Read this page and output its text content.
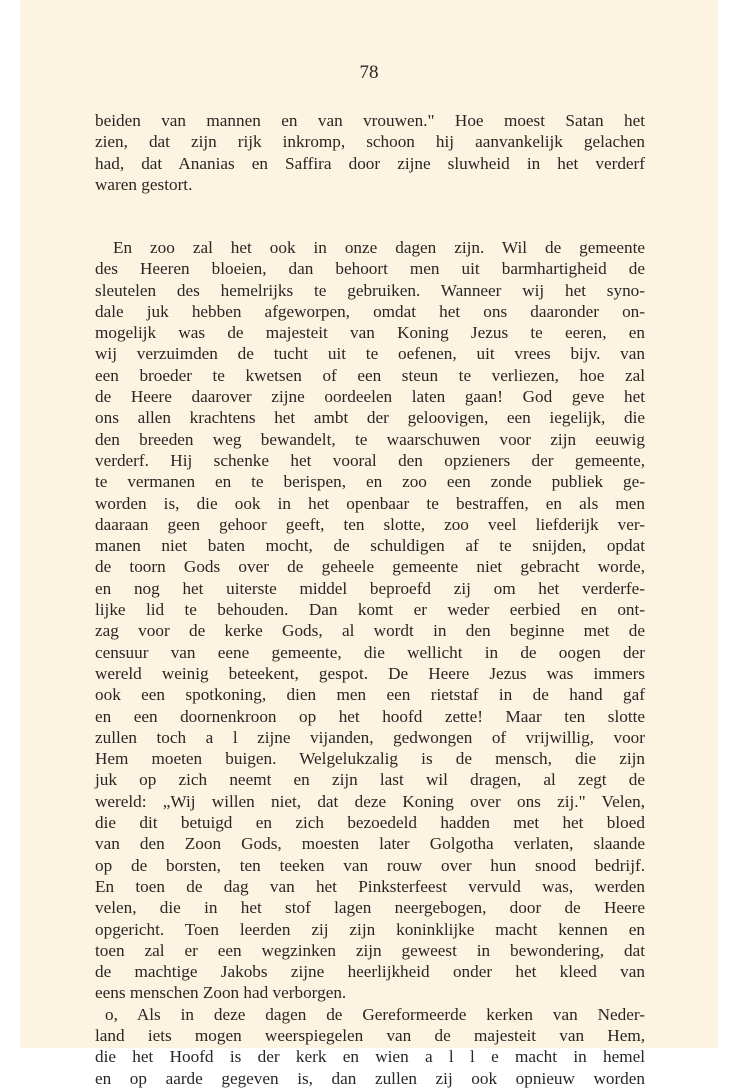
78
beiden van mannen en van vrouwen." Hoe moest Satan het
zien, dat zijn rijk inkromp, schoon hij aanvankelijk gelachen
had, dat Ananias en Saffira door zijne sluwheid in het verderf
waren gestort.
En zoo zal het ook in onze dagen zijn. Wil de gemeente
des Heeren bloeien, dan behoort men uit barmhartigheid de
sleutelen des hemelrijks te gebruiken. Wanneer wij het syno-
dale juk hebben afgeworpen, omdat het ons daaronder on-
mogelijk was de majesteit van Koning Jezus te eeren, en
wij verzuimden de tucht uit te oefenen, uit vrees bijv. van
een broeder te kwetsen of een steun te verliezen, hoe zal
de Heere daarover zijne oordeelen laten gaan! God geve het
ons allen krachtens het ambt der geloovigen, een iegelijk, die
den breeden weg bewandelt, te waarschuwen voor zijn eeuwig
verderf. Hij schenke het vooral den opzieners der gemeente,
te vermanen en te berispen, en zoo een zonde publiek ge-
worden is, die ook in het openbaar te bestraffen, en als men
daaraan geen gehoor geeft, ten slotte, zoo veel liefderijk ver-
manen niet baten mocht, de schuldigen af te snijden, opdat
de toorn Gods over de geheele gemeente niet gebracht worde,
en nog het uiterste middel beproefd zij om het verderfe-
lijke lid te behouden. Dan komt er weder eerbied en ont-
zag voor de kerke Gods, al wordt in den beginne met de
censuur van eene gemeente, die wellicht in de oogen der
wereld weinig beteekent, gespot. De Heere Jezus was immers
ook een spotkoning, dien men een rietstaf in de hand gaf
en een doornenkroon op het hoofd zette! Maar ten slotte
zullen toch a l zijne vijanden, gedwongen of vrijwillig, voor
Hem moeten buigen. Welgelukzalig is de mensch, die zijn
juk op zich neemt en zijn last wil dragen, al zegt de
wereld: „Wij willen niet, dat deze Koning over ons zij." Velen,
die dit betuigd en zich bezoedeld hadden met het bloed
van den Zoon Gods, moesten later Golgotha verlaten, slaande
op de borsten, ten teeken van rouw over hun snood bedrijf.
En toen de dag van het Pinksterfeest vervuld was, werden
velen, die in het stof lagen neergebogen, door de Heere
opgericht. Toen leerden zij zijn koninklijke macht kennen en
toen zal er een wegzinken zijn geweest in bewondering, dat
de machtige Jakobs zijne heerlijkheid onder het kleed van
eens menschen Zoon had verborgen.
o, Als in deze dagen de Gereformeerde kerken van Neder-
land iets mogen weerspiegelen van de majesteit van Hem,
die het Hoofd is der kerk en wien a l l e macht in hemel
en op aarde gegeven is, dan zullen zij ook opnieuw worden
